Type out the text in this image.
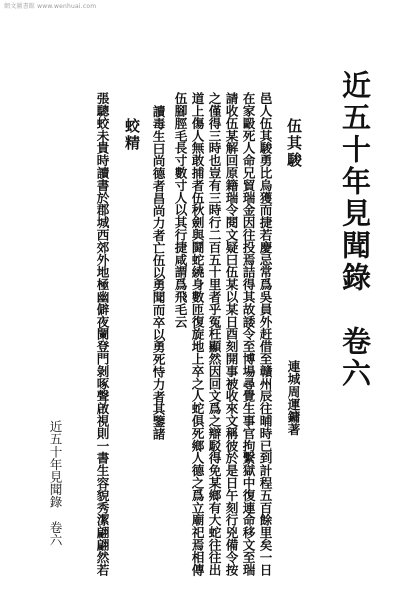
網文圖書館 www.wenhuai.com
近五十年見聞錄　卷六
伍其駿
連城周運鏞著
邑人伍其駿勇比烏獲而捷若慶忌常爲吳員外赶借至贛州辰往晡時已到計程五百餘里矣一日
在家毆死人命兄貿瑞金因往投焉詰得其故諉令至博場尋覺生事官拘繫獄中復連命移文至瑞
請收伍某解回原籍瑞令閱文疑曰伍某以某日酉刻開事被收來文稱彼於是日午刻行兇備令按
之僅得三時也豈有三時行二百五十里者乎冤枉顯然因回文爲之辯駁得免某鄉有大蛇往往出
道上傷人無敢捕者伍秋劍與鬪蛇繞身數匝復旋地上卒之人蛇俱死鄉人德之爲立廟祀焉相傳
伍腳脛毛長寸數寸人以其行捷咸謂爲飛毛云
讀毒生曰尚德者昌尚力者亡伍以勇聞而卒以勇死恃力者其鑒諸
蛟精
張驄蛟未貴時讀書於郡城西郊外地極幽僻夜闌登門剝啄聲啟視則一書生容貌秀潔翩翩然若
近五十年見聞錄　卷六
